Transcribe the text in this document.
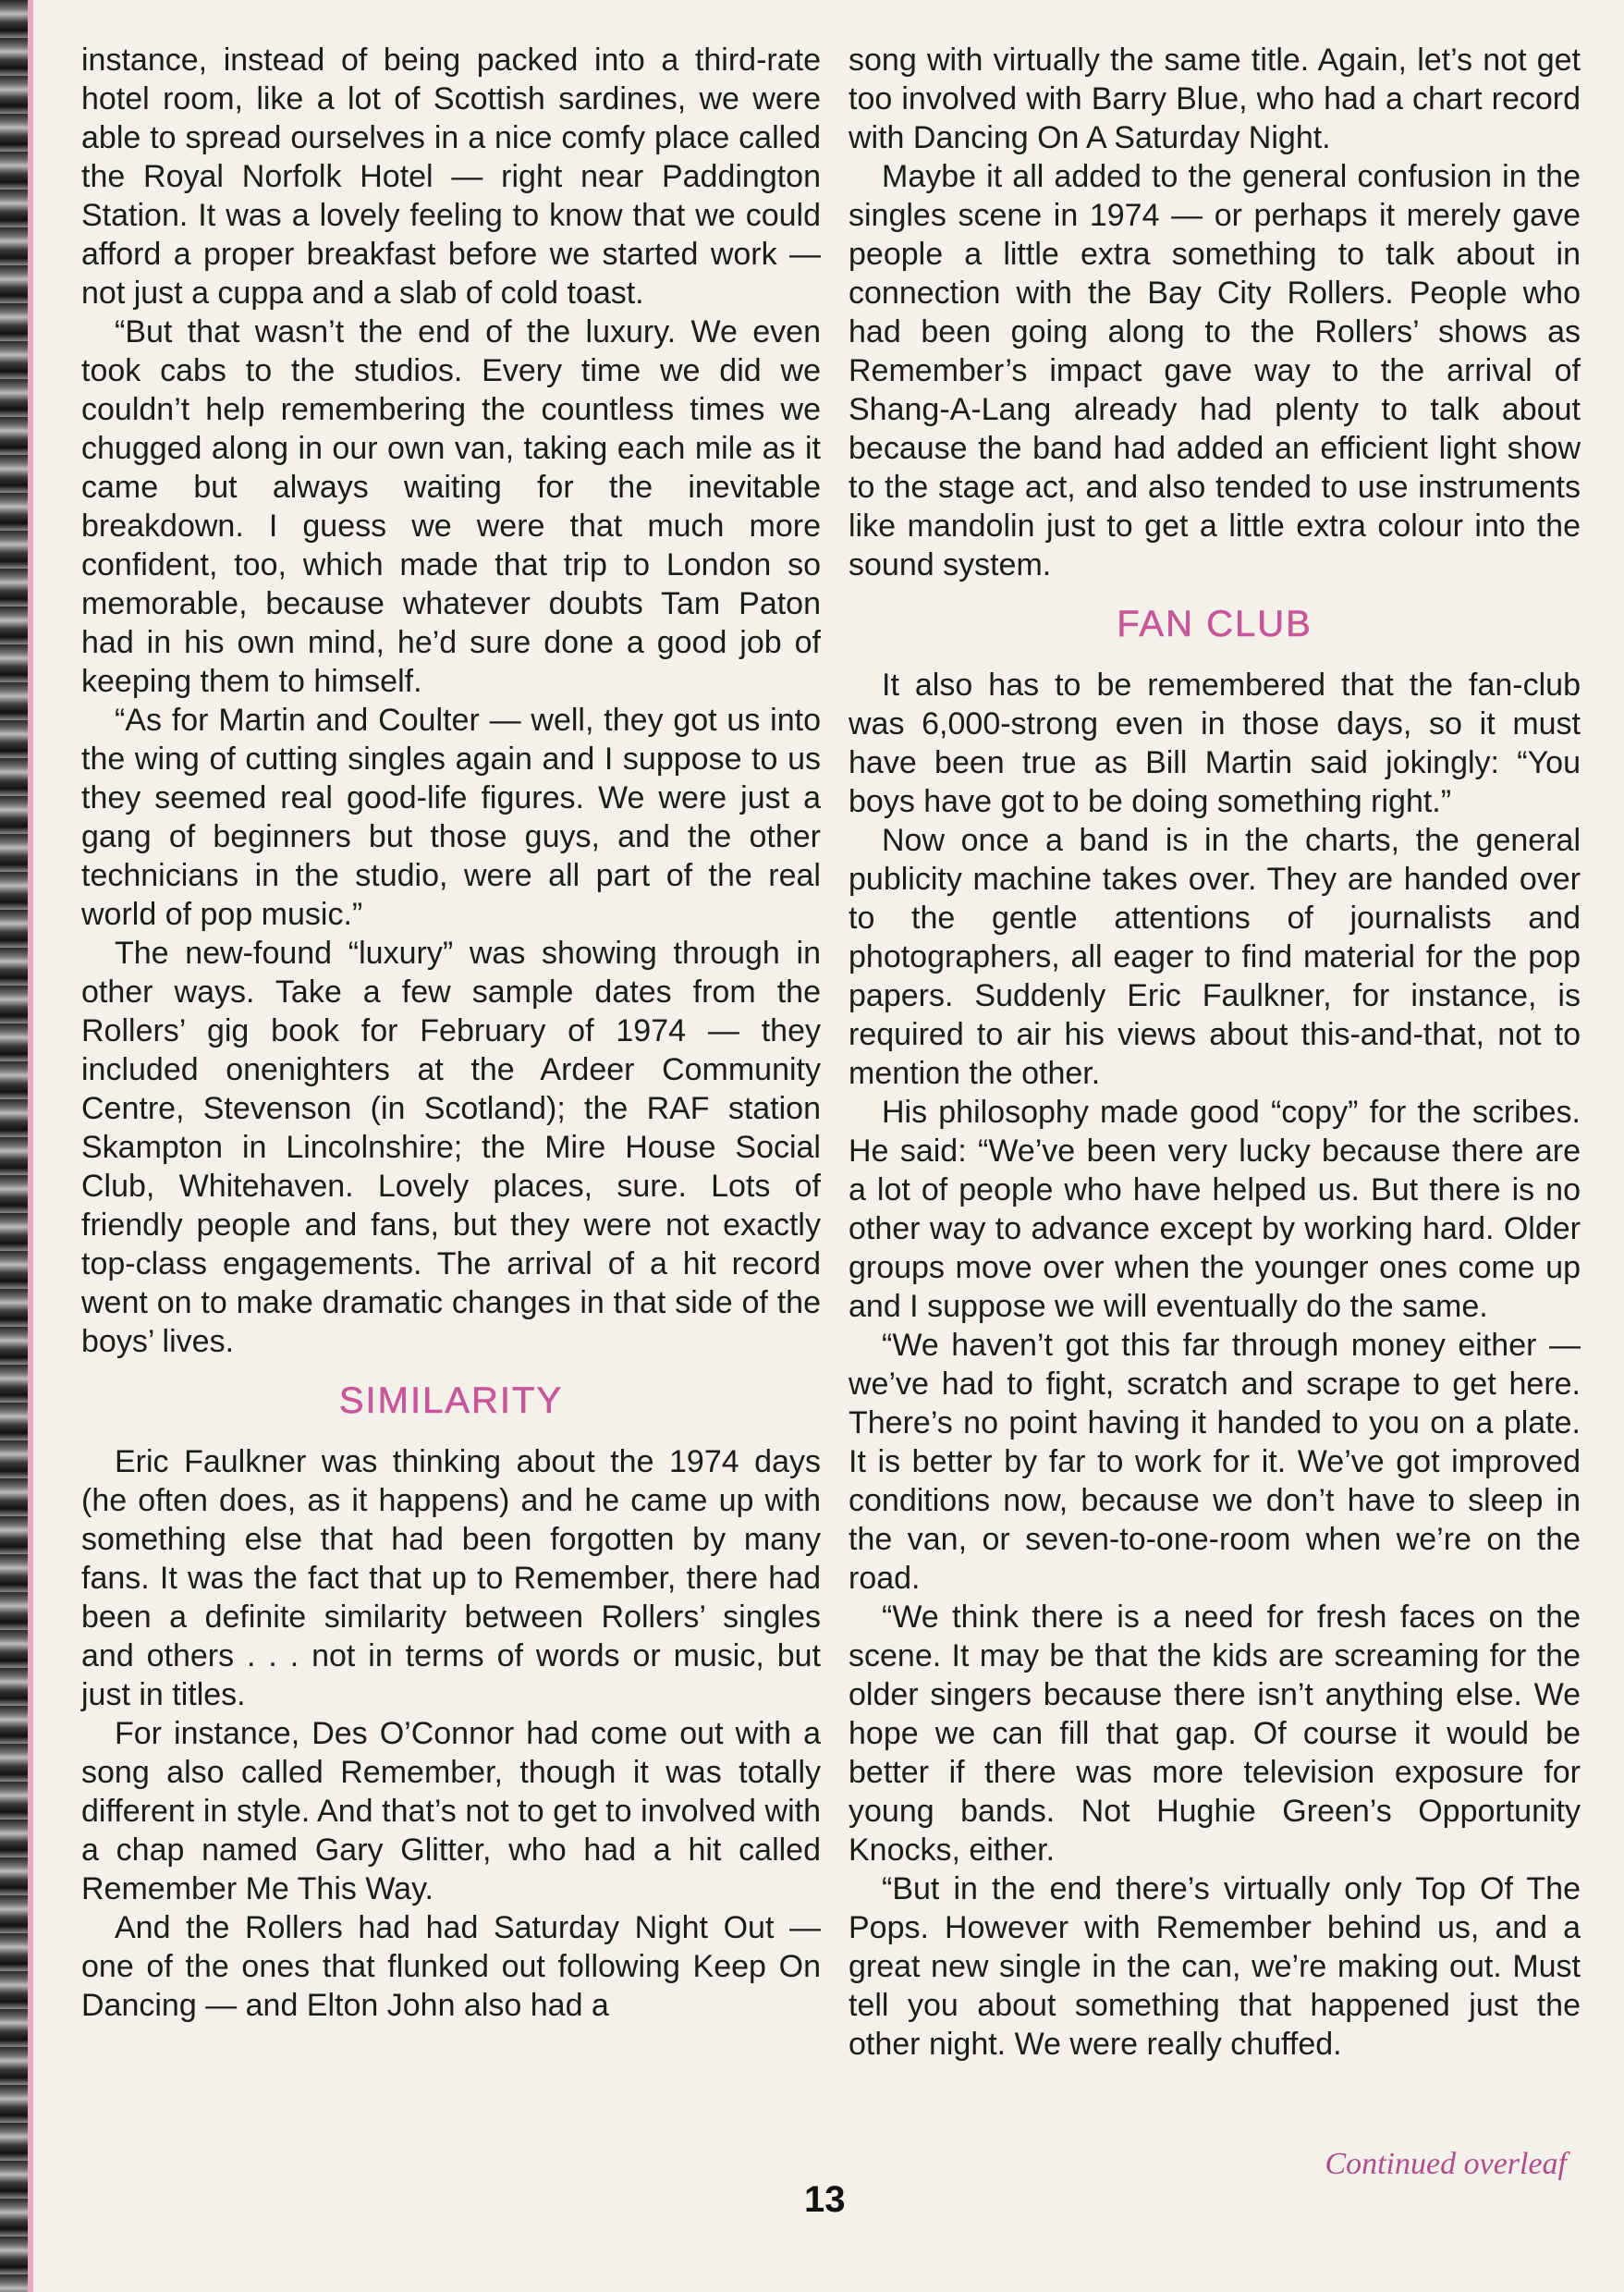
instance, instead of being packed into a third-rate hotel room, like a lot of Scottish sardines, we were able to spread ourselves in a nice comfy place called the Royal Norfolk Hotel — right near Paddington Station. It was a lovely feeling to know that we could afford a proper breakfast before we started work — not just a cuppa and a slab of cold toast.

“But that wasn’t the end of the luxury. We even took cabs to the studios. Every time we did we couldn’t help remembering the countless times we chugged along in our own van, taking each mile as it came but always waiting for the inevitable breakdown. I guess we were that much more confident, too, which made that trip to London so memorable, because whatever doubts Tam Paton had in his own mind, he’d sure done a good job of keeping them to himself.

“As for Martin and Coulter — well, they got us into the wing of cutting singles again and I suppose to us they seemed real good-life figures. We were just a gang of beginners but those guys, and the other technicians in the studio, were all part of the real world of pop music.”

The new-found “luxury” was showing through in other ways. Take a few sample dates from the Rollers’ gig book for February of 1974 — they included onenighters at the Ardeer Community Centre, Stevenson (in Scotland); the RAF station Skampton in Lincolnshire; the Mire House Social Club, Whitehaven. Lovely places, sure. Lots of friendly people and fans, but they were not exactly top-class engagements. The arrival of a hit record went on to make dramatic changes in that side of the boys’ lives.

SIMILARITY

Eric Faulkner was thinking about the 1974 days (he often does, as it happens) and he came up with something else that had been forgotten by many fans. It was the fact that up to Remember, there had been a definite similarity between Rollers’ singles and others . . . not in terms of words or music, but just in titles.

For instance, Des O’Connor had come out with a song also called Remember, though it was totally different in style. And that’s not to get to involved with a chap named Gary Glitter, who had a hit called Remember Me This Way.

And the Rollers had had Saturday Night Out — one of the ones that flunked out following Keep On Dancing — and Elton John also had a

song with virtually the same title. Again, let’s not get too involved with Barry Blue, who had a chart record with Dancing On A Saturday Night.

Maybe it all added to the general confusion in the singles scene in 1974 — or perhaps it merely gave people a little extra something to talk about in connection with the Bay City Rollers. People who had been going along to the Rollers’ shows as Remember’s impact gave way to the arrival of Shang-A-Lang already had plenty to talk about because the band had added an efficient light show to the stage act, and also tended to use instruments like mandolin just to get a little extra colour into the sound system.

FAN CLUB

It also has to be remembered that the fan-club was 6,000-strong even in those days, so it must have been true as Bill Martin said jokingly: “You boys have got to be doing something right.”

Now once a band is in the charts, the general publicity machine takes over. They are handed over to the gentle attentions of journalists and photographers, all eager to find material for the pop papers. Suddenly Eric Faulkner, for instance, is required to air his views about this-and-that, not to mention the other.

His philosophy made good “copy” for the scribes. He said: “We’ve been very lucky because there are a lot of people who have helped us. But there is no other way to advance except by working hard. Older groups move over when the younger ones come up and I suppose we will eventually do the same.

“We haven’t got this far through money either — we’ve had to fight, scratch and scrape to get here. There’s no point having it handed to you on a plate. It is better by far to work for it. We’ve got improved conditions now, because we don’t have to sleep in the van, or seven-to-one-room when we’re on the road.

“We think there is a need for fresh faces on the scene. It may be that the kids are screaming for the older singers because there isn’t anything else. We hope we can fill that gap. Of course it would be better if there was more television exposure for young bands. Not Hughie Green’s Opportunity Knocks, either.

“But in the end there’s virtually only Top Of The Pops. However with Remember behind us, and a great new single in the can, we’re making out. Must tell you about something that happened just the other night. We were really chuffed.

Continued overleaf
13
